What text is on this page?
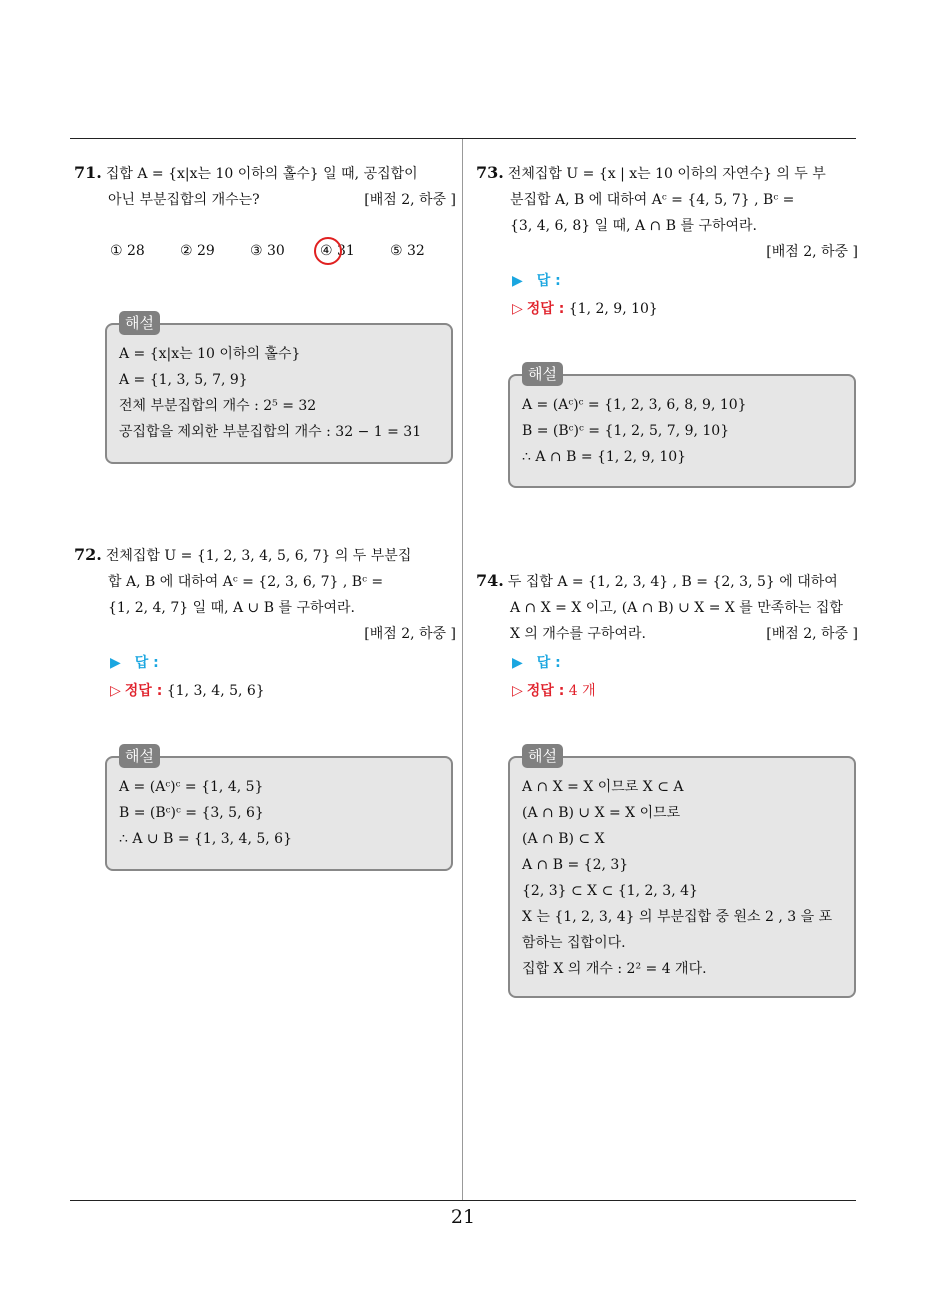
71. 집합 A = {x|x는 10 이하의 홀수} 일 때, 공집합이
아닌 부분집합의 개수는?	[배점 2, 하중 ]
① 28	② 29	③ 30	④ 31	⑤ 32
해설
A = {x|x는 10 이하의 홀수}
A = {1, 3, 5, 7, 9}
전체 부분집합의 개수 : 2⁵ = 32
공집합을 제외한 부분집합의 개수 : 32 − 1 = 31
72. 전체집합 U = {1, 2, 3, 4, 5, 6, 7} 의 두 부분집
합 A, B 에 대하여 Aᶜ = {2, 3, 6, 7} , Bᶜ =
{1, 2, 4, 7} 일 때, A ∪ B 를 구하여라.
[배점 2, 하중 ]
▶ 답 :
▷ 정답 : {1, 3, 4, 5, 6}
해설
A = (Aᶜ)ᶜ = {1, 4, 5}
B = (Bᶜ)ᶜ = {3, 5, 6}
∴ A ∪ B = {1, 3, 4, 5, 6}
73. 전체집합 U = {x | x는 10 이하의 자연수} 의 두 부
분집합 A, B 에 대하여 Aᶜ = {4, 5, 7} , Bᶜ =
{3, 4, 6, 8} 일 때, A ∩ B 를 구하여라.
[배점 2, 하중 ]
▶ 답 :
▷ 정답 : {1, 2, 9, 10}
해설
A = (Aᶜ)ᶜ = {1, 2, 3, 6, 8, 9, 10}
B = (Bᶜ)ᶜ = {1, 2, 5, 7, 9, 10}
∴ A ∩ B = {1, 2, 9, 10}
74. 두 집합 A = {1, 2, 3, 4} , B = {2, 3, 5} 에 대하여
A ∩ X = X 이고, (A ∩ B) ∪ X = X 를 만족하는 집합
X 의 개수를 구하여라.	[배점 2, 하중 ]
▶ 답 :
▷ 정답 : 4 개
해설
A ∩ X = X 이므로 X ⊂ A
(A ∩ B) ∪ X = X 이므로
(A ∩ B) ⊂ X
A ∩ B = {2, 3}
{2, 3} ⊂ X ⊂ {1, 2, 3, 4}
X 는 {1, 2, 3, 4} 의 부분집합 중 원소 2 , 3 을 포
함하는 집합이다.
집합 X 의 개수 : 2² = 4 개다.
21
